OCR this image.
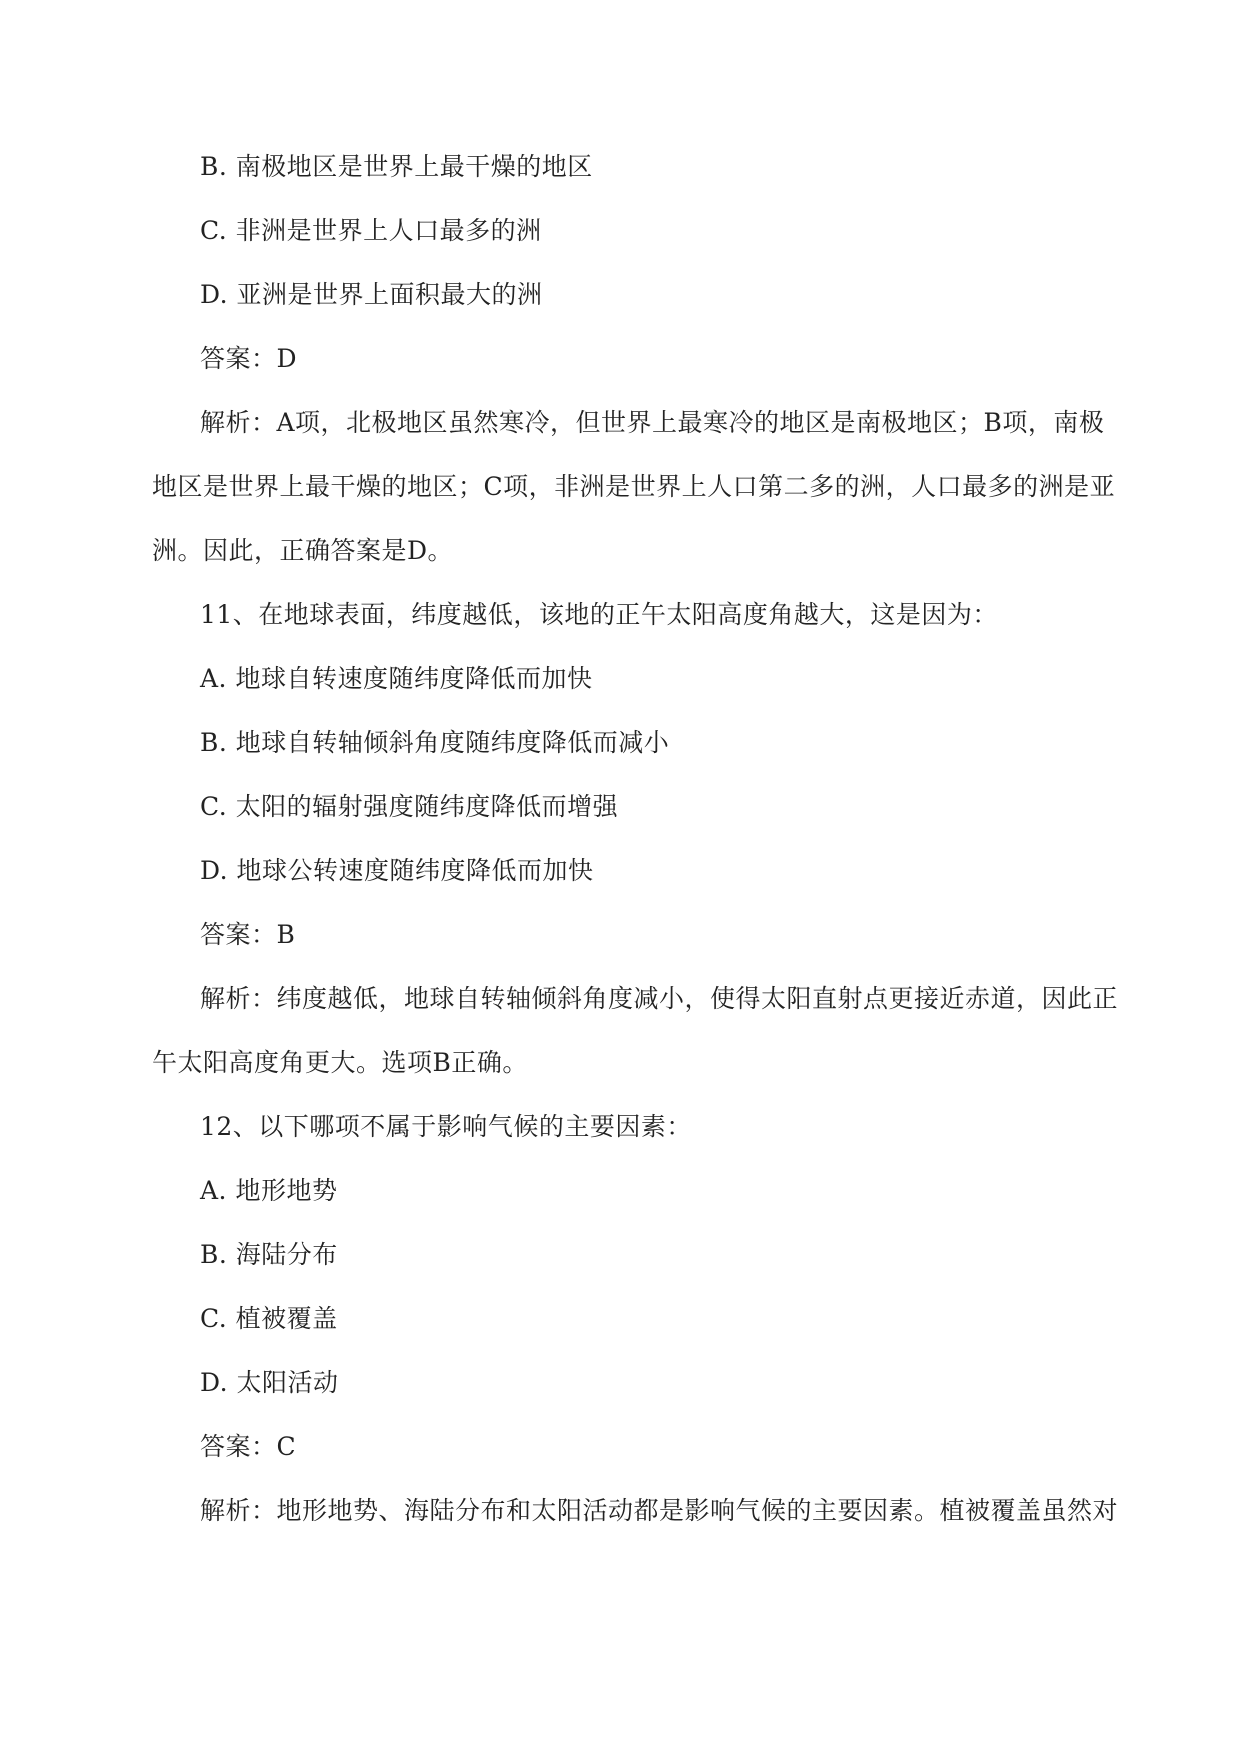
B. 南极地区是世界上最干燥的地区
C. 非洲是世界上人口最多的洲
D. 亚洲是世界上面积最大的洲
答案：D
解析：A项，北极地区虽然寒冷，但世界上最寒冷的地区是南极地区；B项，南极
地区是世界上最干燥的地区；C项，非洲是世界上人口第二多的洲，人口最多的洲是亚
洲。因此，正确答案是D。
11、在地球表面，纬度越低，该地的正午太阳高度角越大，这是因为：
A. 地球自转速度随纬度降低而加快
B. 地球自转轴倾斜角度随纬度降低而减小
C. 太阳的辐射强度随纬度降低而增强
D. 地球公转速度随纬度降低而加快
答案：B
解析：纬度越低，地球自转轴倾斜角度减小，使得太阳直射点更接近赤道，因此正
午太阳高度角更大。选项B正确。
12、以下哪项不属于影响气候的主要因素：
A. 地形地势
B. 海陆分布
C. 植被覆盖
D. 太阳活动
答案：C
解析：地形地势、海陆分布和太阳活动都是影响气候的主要因素。植被覆盖虽然对
